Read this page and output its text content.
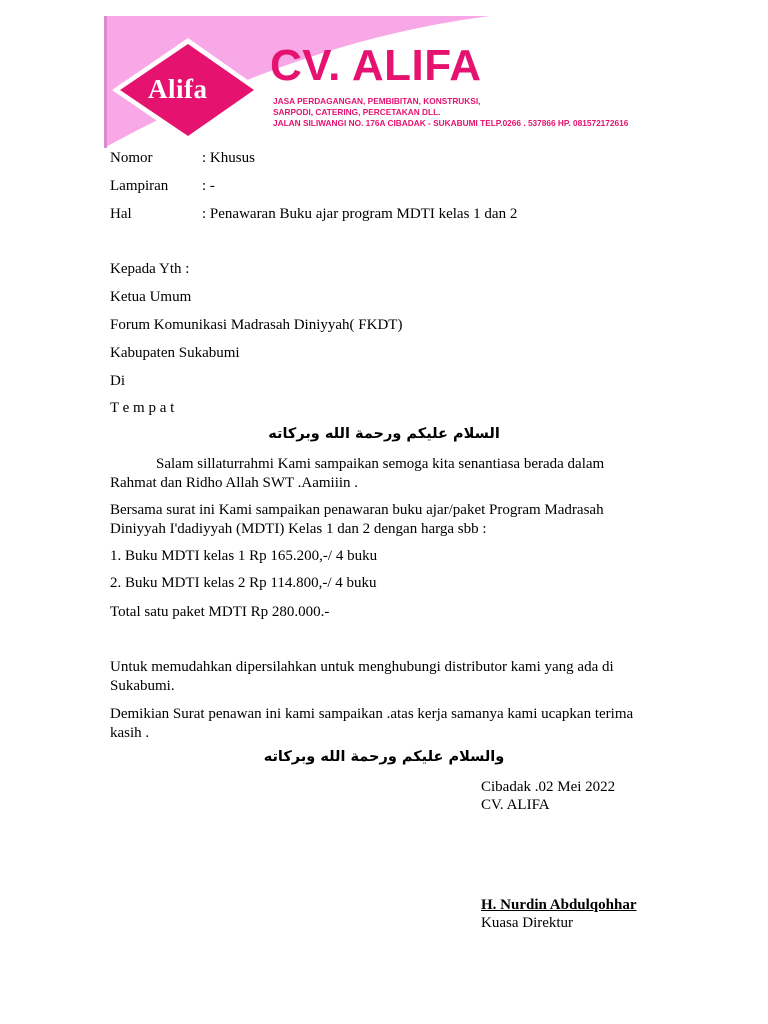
Alifa CV. ALIFA
JASA PERDAGANGAN, PEMBIBITAN, KONSTRUKSI,
SARPODI, CATERING, PERCETAKAN DLL.
JALAN SILIWANGI NO. 176A CIBADAK - SUKABUMI TELP.0266 . 537866 HP. 081572172616
Nomor	: Khusus
Lampiran : -
Hal	: Penawaran Buku ajar program MDTI kelas 1 dan 2
Kepada Yth :
Ketua Umum
Forum Komunikasi Madrasah Diniyyah( FKDT)
Kabupaten Sukabumi
Di
T e m p a t
السلام عليكم ورحمة الله وبركاته
Salam sillaturrahmi Kami sampaikan semoga kita senantiasa berada dalam Rahmat dan Ridho Allah SWT .Aamiiin .
Bersama surat ini Kami sampaikan penawaran buku ajar/paket Program Madrasah Diniyyah I'dadiyyah (MDTI) Kelas 1 dan 2 dengan harga sbb :
1. Buku MDTI kelas 1 Rp 165.200,-/ 4 buku
2. Buku MDTI kelas 2 Rp 114.800,-/ 4 buku
Total satu paket MDTI Rp 280.000.-
Untuk memudahkan dipersilahkan untuk menghubungi distributor kami yang ada di Sukabumi.
Demikian Surat penawan ini kami sampaikan .atas kerja samanya kami ucapkan terima kasih .
والسلام عليكم ورحمة الله وبركاته
Cibadak .02 Mei 2022
CV. ALIFA
H. Nurdin Abdulqohhar
Kuasa Direktur
